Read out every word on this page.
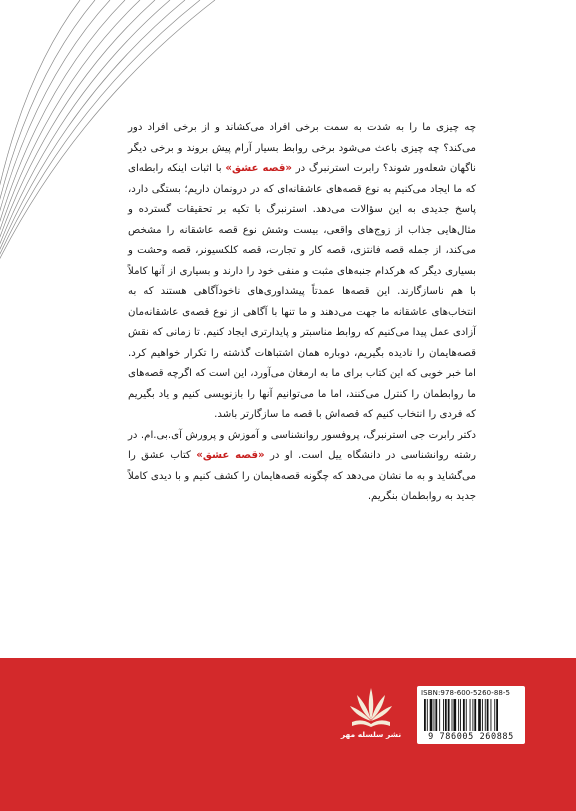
چه چیزی ما را به شدت به سمت برخی افراد می‌کشاند و از برخی افراد دور می‌کند؟ چه چیزی باعث می‌شود برخی روابط بسیار آرام پیش بروند و برخی دیگر ناگهان شعله‌ور شوند؟ رابرت استرنبرگ در «قصه عشق» با اثبات اینکه رابطه‌ای که ما ایجاد می‌کنیم به نوع قصه‌های عاشقانه‌ای که در درونمان داریم؛ بستگی دارد، پاسخ جدیدی به این سؤالات می‌دهد. استرنبرگ با تکیه بر تحقیقات گسترده و مثال‌هایی جذاب از زوج‌های واقعی، بیست وشش نوع قصه عاشقانه را مشخص می‌کند، از جمله قصه فانتزی، قصه کار و تجارت، قصه کلکسیونر، قصه وحشت و بسیاری دیگر که هرکدام جنبه‌های مثبت و منفی خود را دارند و بسیاری از آنها کاملاً با هم ناسازگارند. این قصه‌ها عمدتاً پیشداوری‌های ناخودآگاهی هستند که به انتخاب‌های عاشقانه ما جهت می‌دهند و ما تنها با آگاهی از نوع قصه‌ی عاشقانه‌مان آزادی عمل پیدا می‌کنیم که روابط مناسبتر و پایدارتری ایجاد کنیم. تا زمانی که نقش قصه‌هایمان را نادیده بگیریم، دوباره همان اشتباهات گذشته را تکرار خواهیم کرد. اما خبر خوبی که این کتاب برای ما به ارمغان می‌آورد، این است که اگرچه قصه‌های ما روابطمان را کنترل می‌کنند، اما ما می‌توانیم آنها را بازنویسی کنیم و یاد بگیریم که فردی را انتخاب کنیم که قصه‌اش با قصه ما سازگارتر باشد.

دکتر رابرت جی استرنبرگ، پروفسور روانشناسی و آموزش و پرورش آی.بی.ام. در رشته روانشناسی در دانشگاه ییل است. او در «قصه عشق» کتاب عشق را می‌گشاید و به ما نشان می‌دهد که چگونه قصه‌هایمان را کشف کنیم و با دیدی کاملاً جدید به روابطمان بنگریم.

نشر سلسله مهر
ISBN:978-600-5260-88-5
9 786005 260885
